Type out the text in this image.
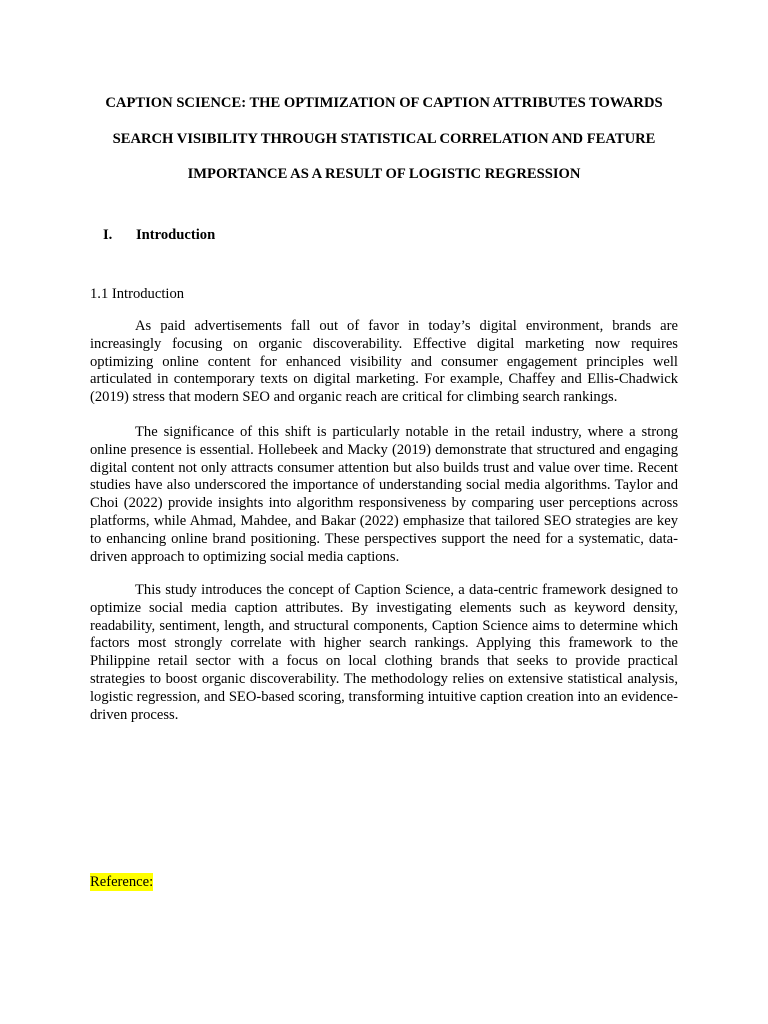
CAPTION SCIENCE: THE OPTIMIZATION OF CAPTION ATTRIBUTES TOWARDS
SEARCH VISIBILITY THROUGH STATISTICAL CORRELATION AND FEATURE
IMPORTANCE AS A RESULT OF LOGISTIC REGRESSION
I. Introduction
1.1 Introduction

As paid advertisements fall out of favor in today’s digital environment, brands are increasingly focusing on organic discoverability. Effective digital marketing now requires optimizing online content for enhanced visibility and consumer engagement principles well articulated in contemporary texts on digital marketing. For example, Chaffey and Ellis-Chadwick (2019) stress that modern SEO and organic reach are critical for climbing search rankings.

The significance of this shift is particularly notable in the retail industry, where a strong online presence is essential. Hollebeek and Macky (2019) demonstrate that structured and engaging digital content not only attracts consumer attention but also builds trust and value over time. Recent studies have also underscored the importance of understanding social media algorithms. Taylor and Choi (2022) provide insights into algorithm responsiveness by comparing user perceptions across platforms, while Ahmad, Mahdee, and Bakar (2022) emphasize that tailored SEO strategies are key to enhancing online brand positioning. These perspectives support the need for a systematic, data-driven approach to optimizing social media captions.

This study introduces the concept of Caption Science, a data-centric framework designed to optimize social media caption attributes. By investigating elements such as keyword density, readability, sentiment, length, and structural components, Caption Science aims to determine which factors most strongly correlate with higher search rankings. Applying this framework to the Philippine retail sector with a focus on local clothing brands that seeks to provide practical strategies to boost organic discoverability. The methodology relies on extensive statistical analysis, logistic regression, and SEO-based scoring, transforming intuitive caption creation into an evidence-driven process.

Reference:
